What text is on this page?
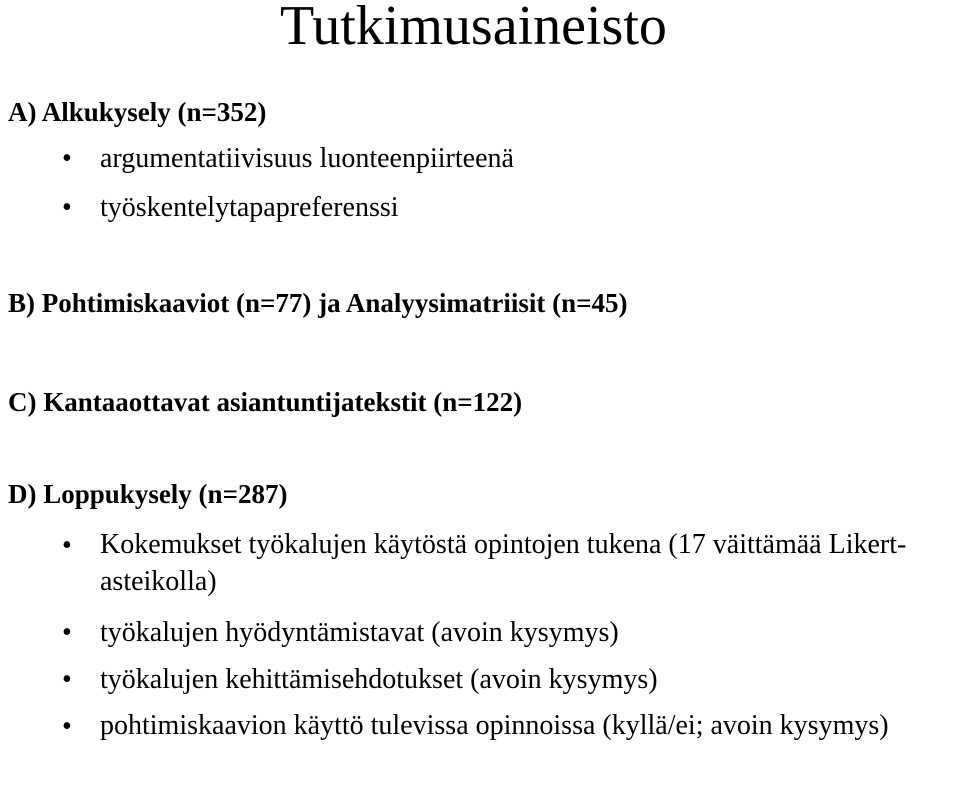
Tutkimusaineisto
A) Alkukysely (n=352)
• argumentatiivisuus luonteenpiirteenä
• työskentelytapapreferenssi
B) Pohtimiskaaviot (n=77) ja Analyysimatriisit (n=45)
C) Kantaaottavat asiantuntijatekstit (n=122)
D) Loppukysely (n=287)
• Kokemukset työkalujen käytöstä opintojen tukena (17 väittämää Likert-asteikolla)
• työkalujen hyödyntämistavat (avoin kysymys)
• työkalujen kehittämisehdotukset (avoin kysymys)
• pohtimiskaavion käyttö tulevissa opinnoissa (kyllä/ei; avoin kysymys)
